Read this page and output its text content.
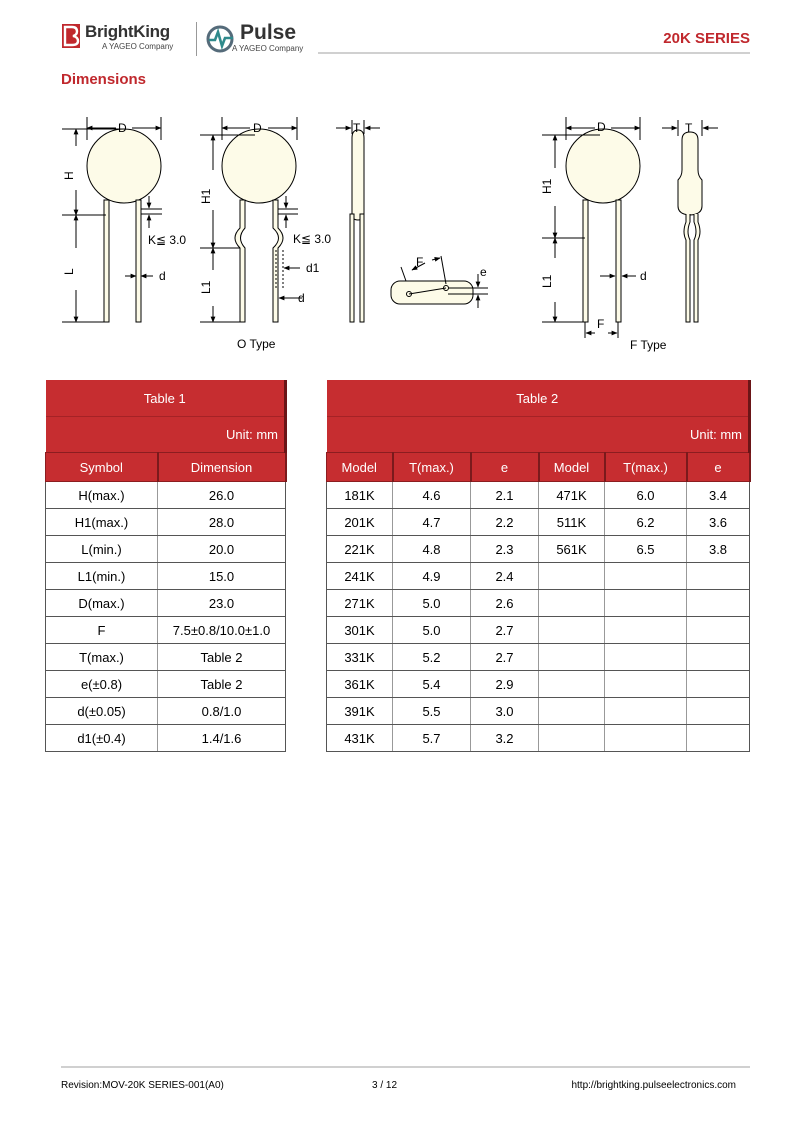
BrightKing
A YAGEO Company
Pulse
A YAGEO Company
20K SERIES
Dimensions
D
H
L
K≦ 3.0
d
D
H1
L1
K≦ 3.0
d1
d
O Type
T
F
e
D
H1
L1	d
F
F Type
T
Table 1	
Unit: mm	
Symbol	Dimension
H(max.)	26.0
H1(max.)	28.0
L(min.)	20.0
L1(min.)	15.0
D(max.)	23.0
F	7.5±0.8/10.0±1.0
T(max.)	Table 2
e(±0.8)	Table 2
d(±0.05)	0.8/1.0
d1(±0.4)	1.4/1.6
Table 2					
Unit: mm					
Model	T(max.)	e	Model	T(max.)	e
181K	4.6	2.1	471K	6.0	3.4
201K	4.7	2.2	511K	6.2	3.6
221K	4.8	2.3	561K	6.5	3.8
241K	4.9	2.4			
271K	5.0	2.6			
301K	5.0	2.7			
331K	5.2	2.7			
361K	5.4	2.9			
391K	5.5	3.0			
431K	5.7	3.2			
Revision:MOV-20K SERIES-001(A0)	3 / 12	http://brightking.pulseelectronics.com
